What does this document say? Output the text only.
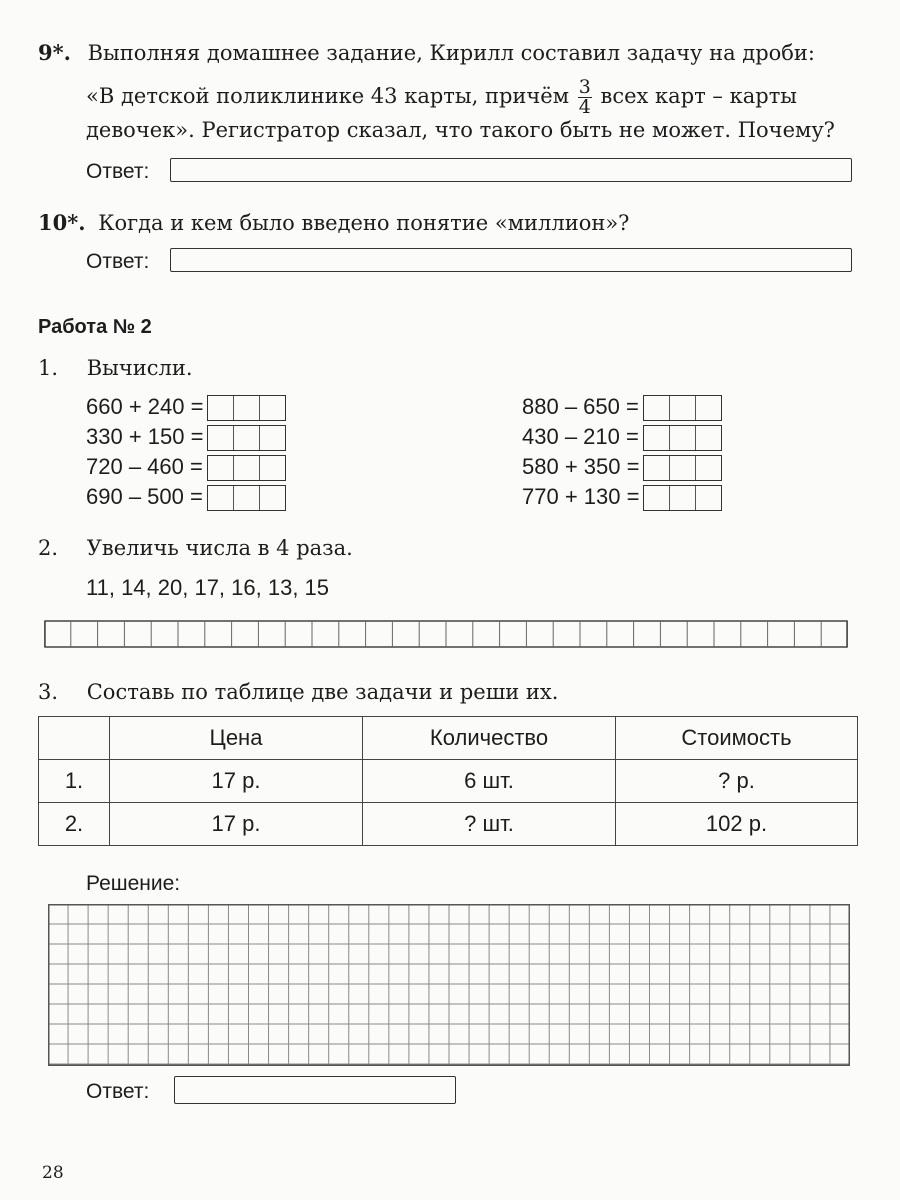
9*. Выполняя домашнее задание, Кирилл составил задачу на дроби:
«В детской поликлинике 43 карты, причём $\frac{3}{4}$ всех карт – карты
девочек». Регистратор сказал, что такого быть не может. Почему?
Ответ:
10*. Когда и кем было введено понятие «миллион»?
Ответ:
Работа № 2
1. Вычисли.
660 + 240 =
330 + 150 =
720 – 460 =
690 – 500 =
880 – 650 =
430 – 210 =
580 + 350 =
770 + 130 =
2. Увеличь числа в 4 раза.
11, 14, 20, 17, 16, 13, 15
3. Составь по таблице две задачи и реши их.
	Цена	Количество	Стоимость
1.	17 р.	6 шт.	? р.
2.	17 р.	? шт.	102 р.
Решение:
Ответ:
28
